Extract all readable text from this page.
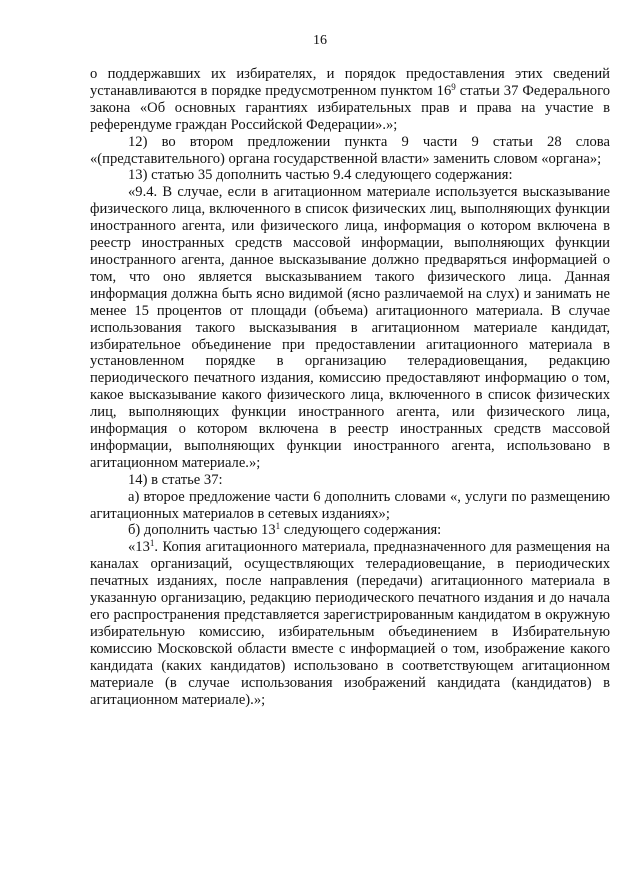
16

о поддержавших их избирателях, и порядок предоставления этих сведений устанавливаются в порядке предусмотренном пунктом $16^9$ статьи 37 Федерального закона «Об основных гарантиях избирательных прав и права на участие в референдуме граждан Российской Федерации».»;

12) во втором предложении пункта 9 части 9 статьи 28 слова «(представительного) органа государственной власти» заменить словом «органа»;

13) статью 35 дополнить частью 9.4 следующего содержания:

«9.4. В случае, если в агитационном материале используется высказывание физического лица, включенного в список физических лиц, выполняющих функции иностранного агента, или физического лица, информация о котором включена в реестр иностранных средств массовой информации, выполняющих функции иностранного агента, данное высказывание должно предваряться информацией о том, что оно является высказыванием такого физического лица. Данная информация должна быть ясно видимой (ясно различаемой на слух) и занимать не менее 15 процентов от площади (объема) агитационного материала. В случае использования такого высказывания в агитационном материале кандидат, избирательное объединение при предоставлении агитационного материала в установленном порядке в организацию телерадиовещания, редакцию периодического печатного издания, комиссию предоставляют информацию о том, какое высказывание какого физического лица, включенного в список физических лиц, выполняющих функции иностранного агента, или физического лица, информация о котором включена в реестр иностранных средств массовой информации, выполняющих функции иностранного агента, использовано в агитационном материале.»;

14) в статье 37:

а) второе предложение части 6 дополнить словами «, услуги по размещению агитационных материалов в сетевых изданиях»;

б) дополнить частью $13^1$ следующего содержания:

«$13^1$. Копия агитационного материала, предназначенного для размещения на каналах организаций, осуществляющих телерадиовещание, в периодических печатных изданиях, после направления (передачи) агитационного материала в указанную организацию, редакцию периодического печатного издания и до начала его распространения представляется зарегистрированным кандидатом в окружную избирательную комиссию, избирательным объединением в Избирательную комиссию Московской области вместе с информацией о том, изображение какого кандидата (каких кандидатов) использовано в соответствующем агитационном материале (в случае использования изображений кандидата (кандидатов) в агитационном материале).»;
